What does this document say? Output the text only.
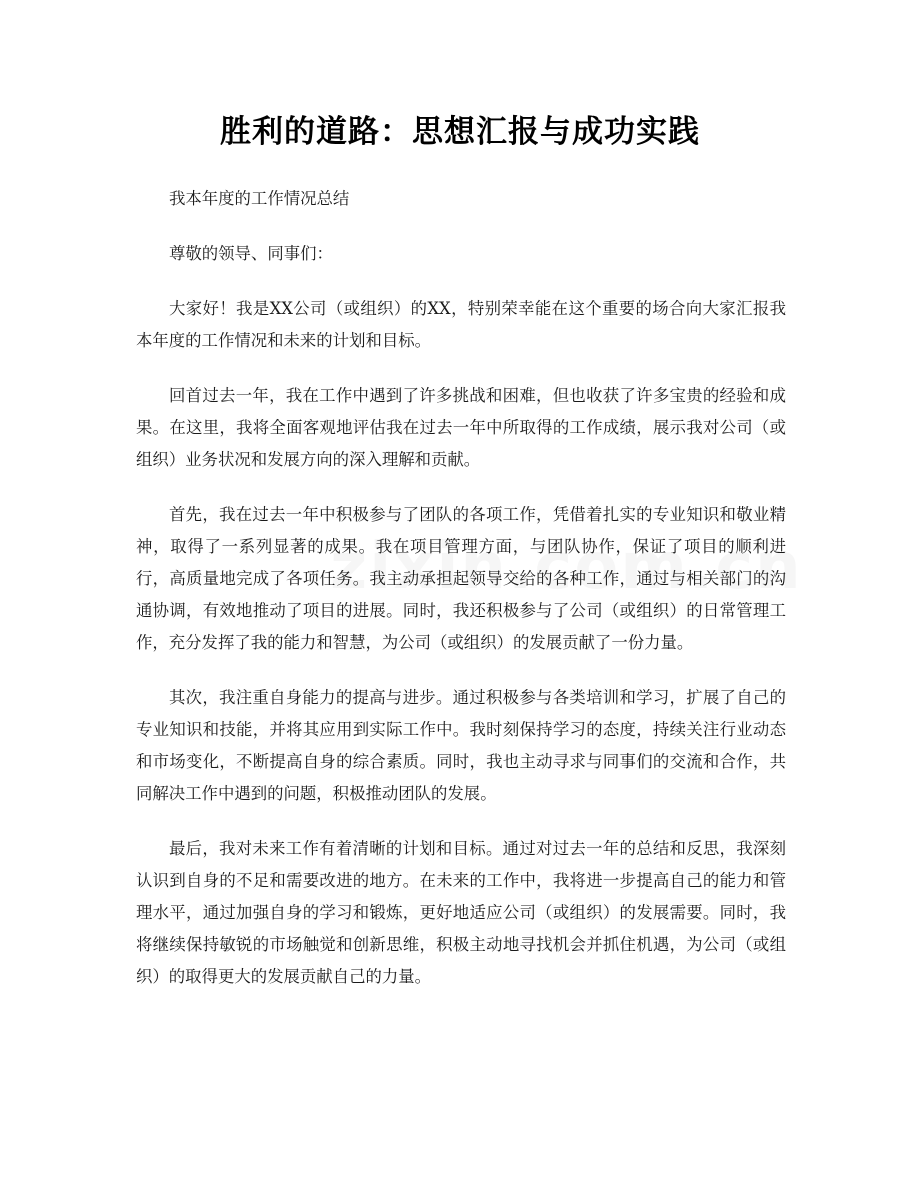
胜利的道路：思想汇报与成功实践

我本年度的工作情况总结

尊敬的领导、同事们：

大家好！我是XX公司（或组织）的XX，特别荣幸能在这个重要的场合向大家汇报我本年度的工作情况和未来的计划和目标。

回首过去一年，我在工作中遇到了许多挑战和困难，但也收获了许多宝贵的经验和成果。在这里，我将全面客观地评估我在过去一年中所取得的工作成绩，展示我对公司（或组织）业务状况和发展方向的深入理解和贡献。

首先，我在过去一年中积极参与了团队的各项工作，凭借着扎实的专业知识和敬业精神，取得了一系列显著的成果。我在项目管理方面，与团队协作，保证了项目的顺利进行，高质量地完成了各项任务。我主动承担起领导交给的各种工作，通过与相关部门的沟通协调，有效地推动了项目的进展。同时，我还积极参与了公司（或组织）的日常管理工作，充分发挥了我的能力和智慧，为公司（或组织）的发展贡献了一份力量。

其次，我注重自身能力的提高与进步。通过积极参与各类培训和学习，扩展了自己的专业知识和技能，并将其应用到实际工作中。我时刻保持学习的态度，持续关注行业动态和市场变化，不断提高自身的综合素质。同时，我也主动寻求与同事们的交流和合作，共同解决工作中遇到的问题，积极推动团队的发展。

最后，我对未来工作有着清晰的计划和目标。通过对过去一年的总结和反思，我深刻认识到自身的不足和需要改进的地方。在未来的工作中，我将进一步提高自己的能力和管理水平，通过加强自身的学习和锻炼，更好地适应公司（或组织）的发展需要。同时，我将继续保持敏锐的市场触觉和创新思维，积极主动地寻找机会并抓住机遇，为公司（或组织）的取得更大的发展贡献自己的力量。
